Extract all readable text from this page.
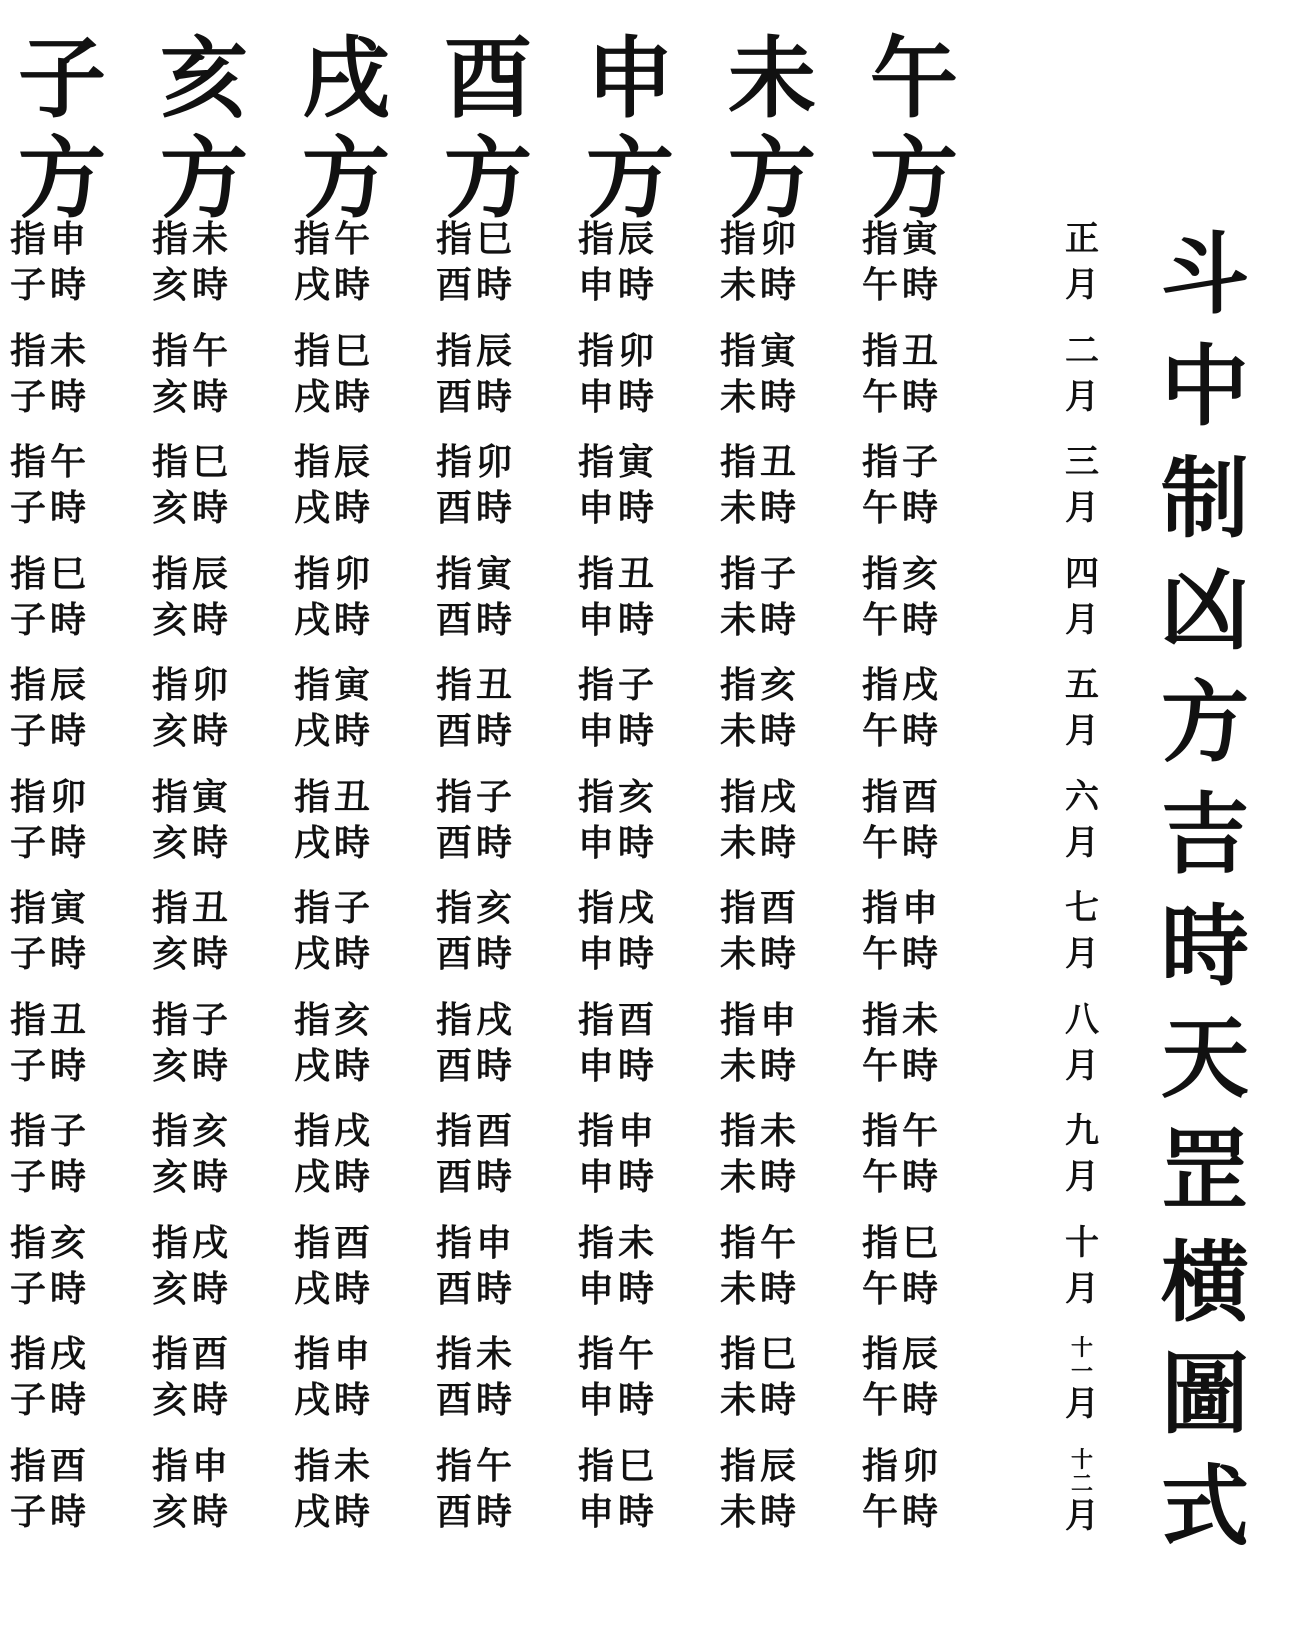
子
方
亥
方
戌
方
酉
方
申
方
未
方
午
方
指申
子時
指未
亥時
指午
戌時
指巳
酉時
指辰
申時
指卯
未時
指寅
午時
指未
子時
指午
亥時
指巳
戌時
指辰
酉時
指卯
申時
指寅
未時
指丑
午時
指午
子時
指巳
亥時
指辰
戌時
指卯
酉時
指寅
申時
指丑
未時
指子
午時
指巳
子時
指辰
亥時
指卯
戌時
指寅
酉時
指丑
申時
指子
未時
指亥
午時
指辰
子時
指卯
亥時
指寅
戌時
指丑
酉時
指子
申時
指亥
未時
指戌
午時
指卯
子時
指寅
亥時
指丑
戌時
指子
酉時
指亥
申時
指戌
未時
指酉
午時
指寅
子時
指丑
亥時
指子
戌時
指亥
酉時
指戌
申時
指酉
未時
指申
午時
指丑
子時
指子
亥時
指亥
戌時
指戌
酉時
指酉
申時
指申
未時
指未
午時
指子
子時
指亥
亥時
指戌
戌時
指酉
酉時
指申
申時
指未
未時
指午
午時
指亥
子時
指戌
亥時
指酉
戌時
指申
酉時
指未
申時
指午
未時
指巳
午時
指戌
子時
指酉
亥時
指申
戌時
指未
酉時
指午
申時
指巳
未時
指辰
午時
指酉
子時
指申
亥時
指未
戌時
指午
酉時
指巳
申時
指辰
未時
指卯
午時
正
月
二
月
三
月
四
月
五
月
六
月
七
月
八
月
九
月
十
月
十一
月
十二
月
斗
中
制
凶
方
吉
時
天
罡
横
圖
式
